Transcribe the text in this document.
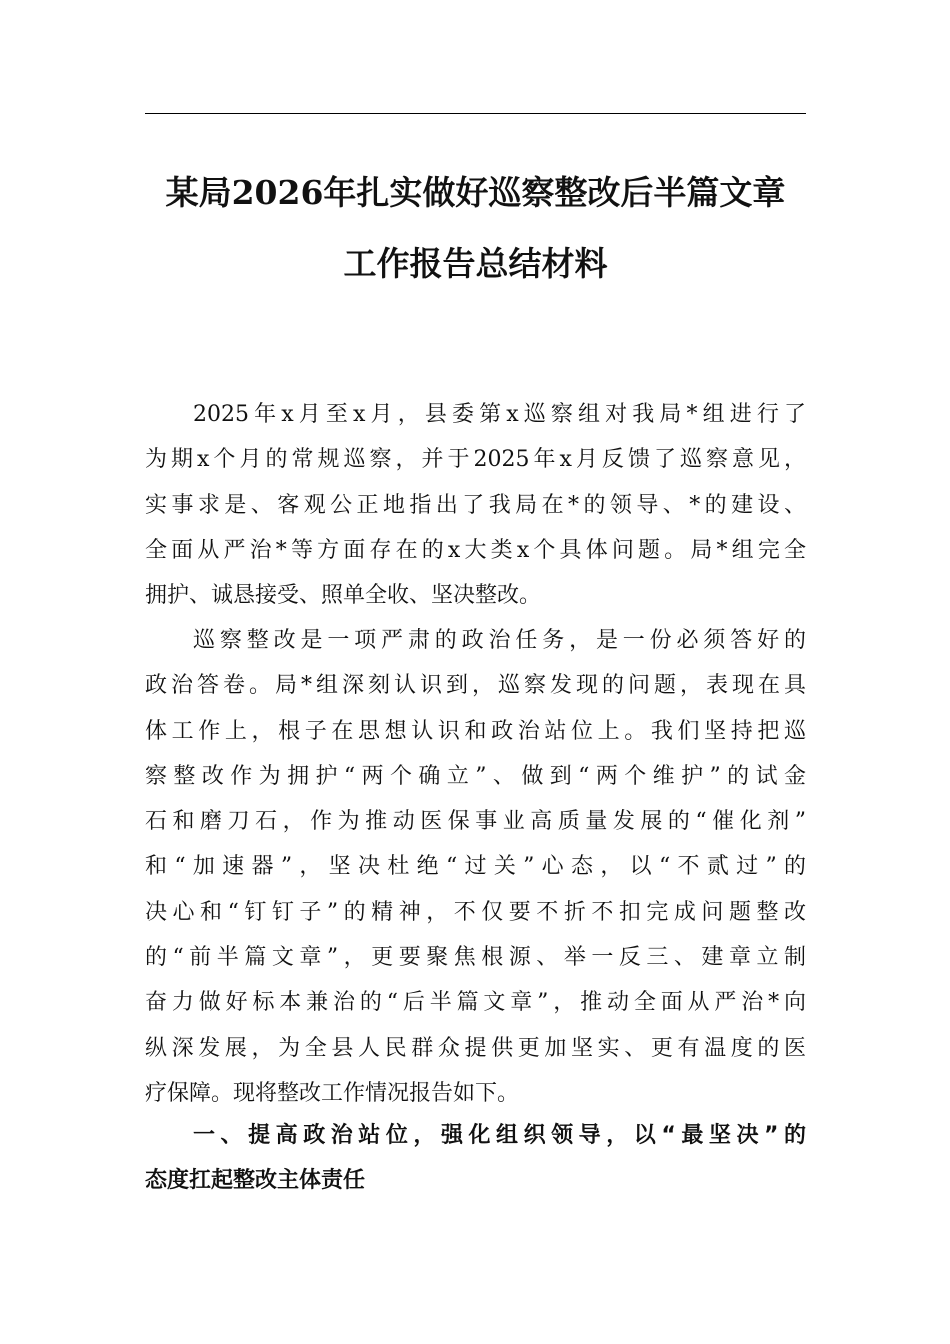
某局2026年扎实做好巡察整改后半篇文章
工作报告总结材料
2025年x月至x月，县委第x巡察组对我局*组进行了
为期x个月的常规巡察，并于2025年x月反馈了巡察意见，
实事求是、客观公正地指出了我局在*的领导、*的建设、
全面从严治*等方面存在的x大类x个具体问题。局*组完全
拥护、诚恳接受、照单全收、坚决整改。
巡察整改是一项严肃的政治任务，是一份必须答好的
政治答卷。局*组深刻认识到，巡察发现的问题，表现在具
体工作上，根子在思想认识和政治站位上。我们坚持把巡
察整改作为拥护“两个确立”、做到“两个维护”的试金
石和磨刀石，作为推动医保事业高质量发展的“催化剂”
和“加速器”，坚决杜绝“过关”心态，以“不贰过”的
决心和“钉钉子”的精神，不仅要不折不扣完成问题整改
的“前半篇文章”，更要聚焦根源、举一反三、建章立制
奋力做好标本兼治的“后半篇文章”，推动全面从严治*向
纵深发展，为全县人民群众提供更加坚实、更有温度的医
疗保障。现将整改工作情况报告如下。
一、提高政治站位，强化组织领导，以“最坚决”的
态度扛起整改主体责任
